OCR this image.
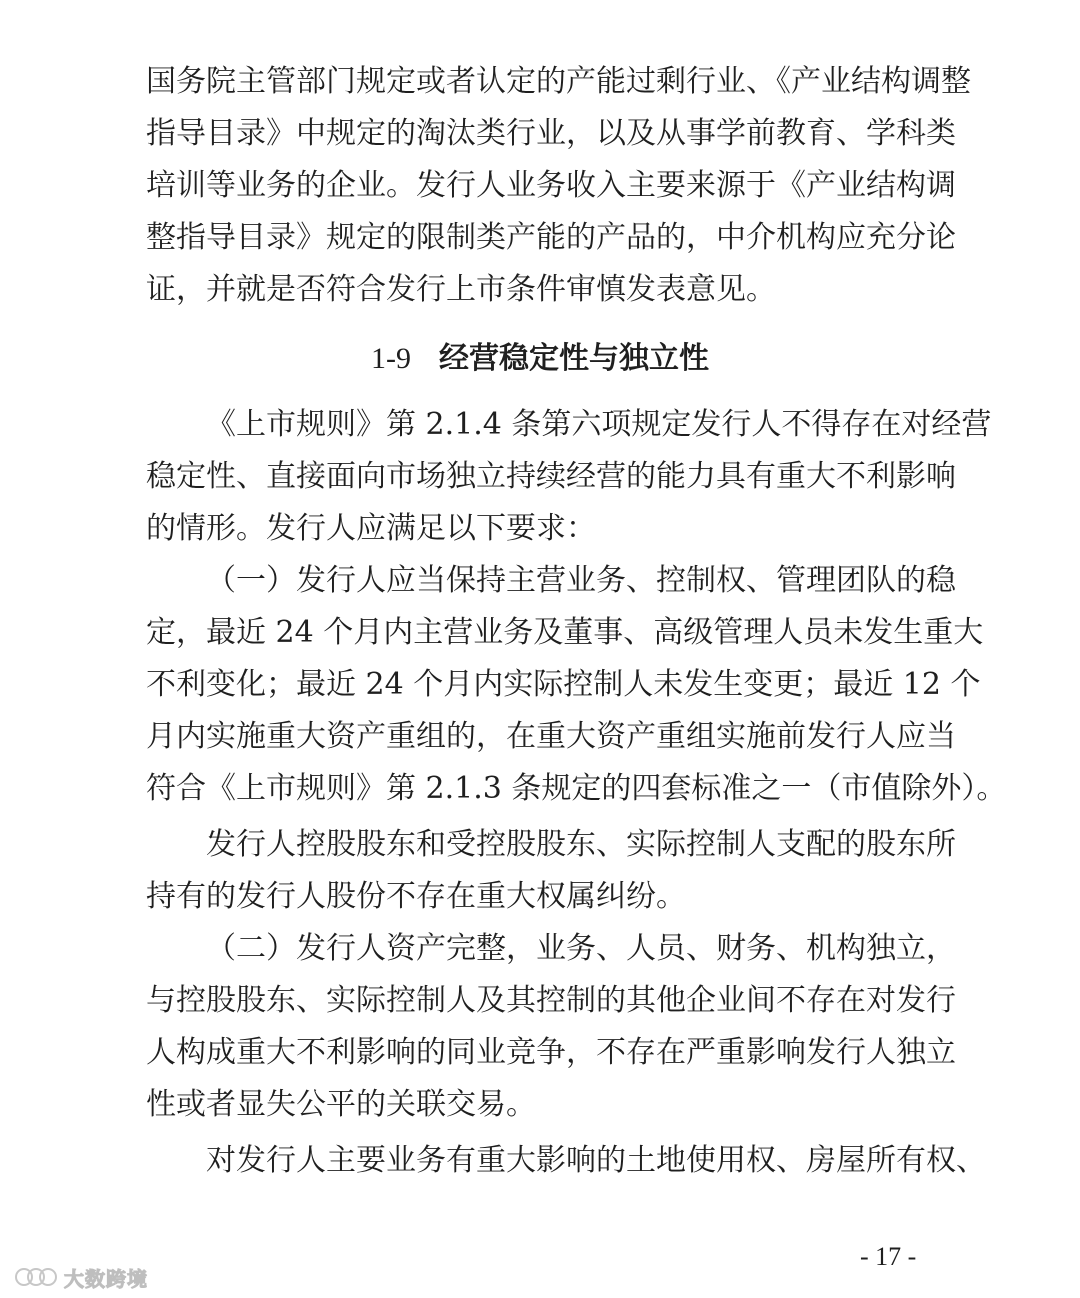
国务院主管部门规定或者认定的产能过剩行业、《产业结构调整
指导目录》中规定的淘汰类行业，以及从事学前教育、学科类
培训等业务的企业。发行人业务收入主要来源于《产业结构调
整指导目录》规定的限制类产能的产品的，中介机构应充分论
证，并就是否符合发行上市条件审慎发表意见。
1-9 经营稳定性与独立性
《上市规则》第 2.1.4 条第六项规定发行人不得存在对经营
稳定性、直接面向市场独立持续经营的能力具有重大不利影响
的情形。发行人应满足以下要求：
（一）发行人应当保持主营业务、控制权、管理团队的稳
定，最近 24 个月内主营业务及董事、高级管理人员未发生重大
不利变化；最近 24 个月内实际控制人未发生变更；最近 12 个
月内实施重大资产重组的，在重大资产重组实施前发行人应当
符合《上市规则》第 2.1.3 条规定的四套标准之一（市值除外）。
发行人控股股东和受控股股东、实际控制人支配的股东所
持有的发行人股份不存在重大权属纠纷。
（二）发行人资产完整，业务、人员、财务、机构独立，
与控股股东、实际控制人及其控制的其他企业间不存在对发行
人构成重大不利影响的同业竞争，不存在严重影响发行人独立
性或者显失公平的关联交易。
对发行人主要业务有重大影响的土地使用权、房屋所有权、
- 17 -
大数跨境
